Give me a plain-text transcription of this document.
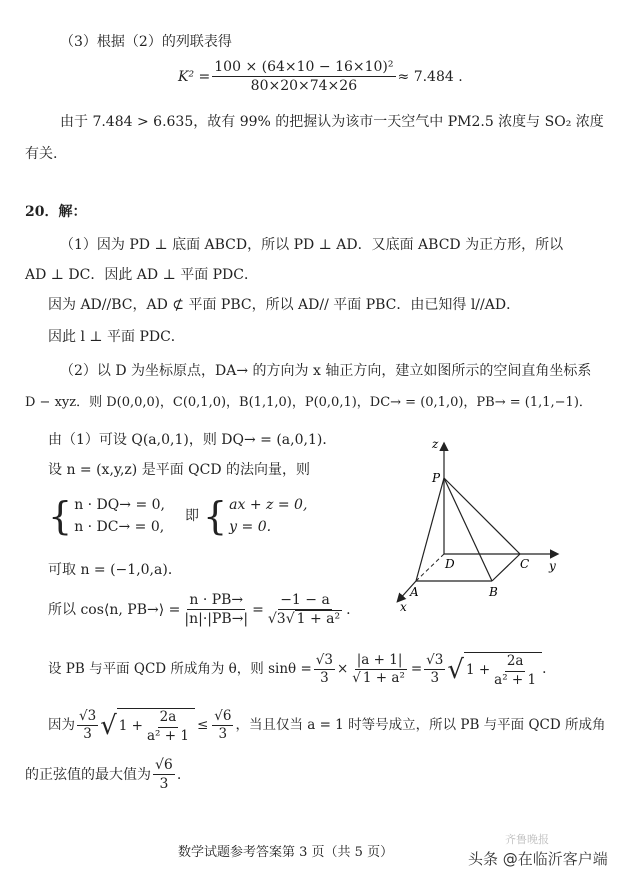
（3）根据（2）的列联表得
$K^2 = \frac{\text{100 × (64×10 − 16×10)²}}{80\times 20\times 74\times 26} \approx 7.484$ .
由于 7.484 > 6.635，故有 99% 的把握认为该市一天空气中 PM2.5 浓度与 SO₂ 浓度
有关.
20．解：
（1）因为 PD ⊥ 底面 ABCD，所以 PD ⊥ AD．又底面 ABCD 为正方形，所以
AD ⊥ DC．因此 AD ⊥ 平面 PDC．
因为 AD//BC，AD ⊄ 平面 PBC，所以 AD// 平面 PBC．由已知得 l//AD．
因此 l ⊥ 平面 PDC．
（2）以 D 为坐标原点，DA→ 的方向为 x 轴正方向，建立如图所示的空间直角坐标系
D − xyz．则 D(0,0,0)，C(0,1,0)，B(1,1,0)，P(0,0,1)，DC→ = (0,1,0)，PB→ = (1,1,−1)．
由（1）可设 Q(a,0,1)，则 DQ→ = (a,0,1)．
设 n = (x,y,z) 是平面 QCD 的法向量，则
{ n · DQ→ = 0,
n · DC→ = 0,
即 { ax + z = 0,
y = 0.
可取 n = (−1,0,a)．
所以 cos⟨n, PB→⟩ = $\frac{n \cdot PB\to}{|n|\cdot|PB\to|} = \frac{-1 - a}{\text{√3√ 1 + a²}}$ .
设 PB 与平面 QCD 所成角为 θ，则 $\sin\theta = \frac{√3}{3} \times \frac{|a + 1|}{\text{√ 1 + a²}} = \frac{√3}{3}$ √ $1 + \frac{2a}{\text{a² + 1}}$ .
因为 $\frac{√3}{3}$ √ $1 + \frac{2a}{\text{a² + 1}} \le \frac{√6}{3}$ ，当且仅当 a = 1 时等号成立，所以 PB 与平面 QCD 所成角
的正弦值的最大值为 $\frac{√6}{3}$ .
z
P
D	C y
A	B
x
数学试题参考答案第 3 页（共 5 页）
齐鲁晚报
头条 @在临沂客户端
